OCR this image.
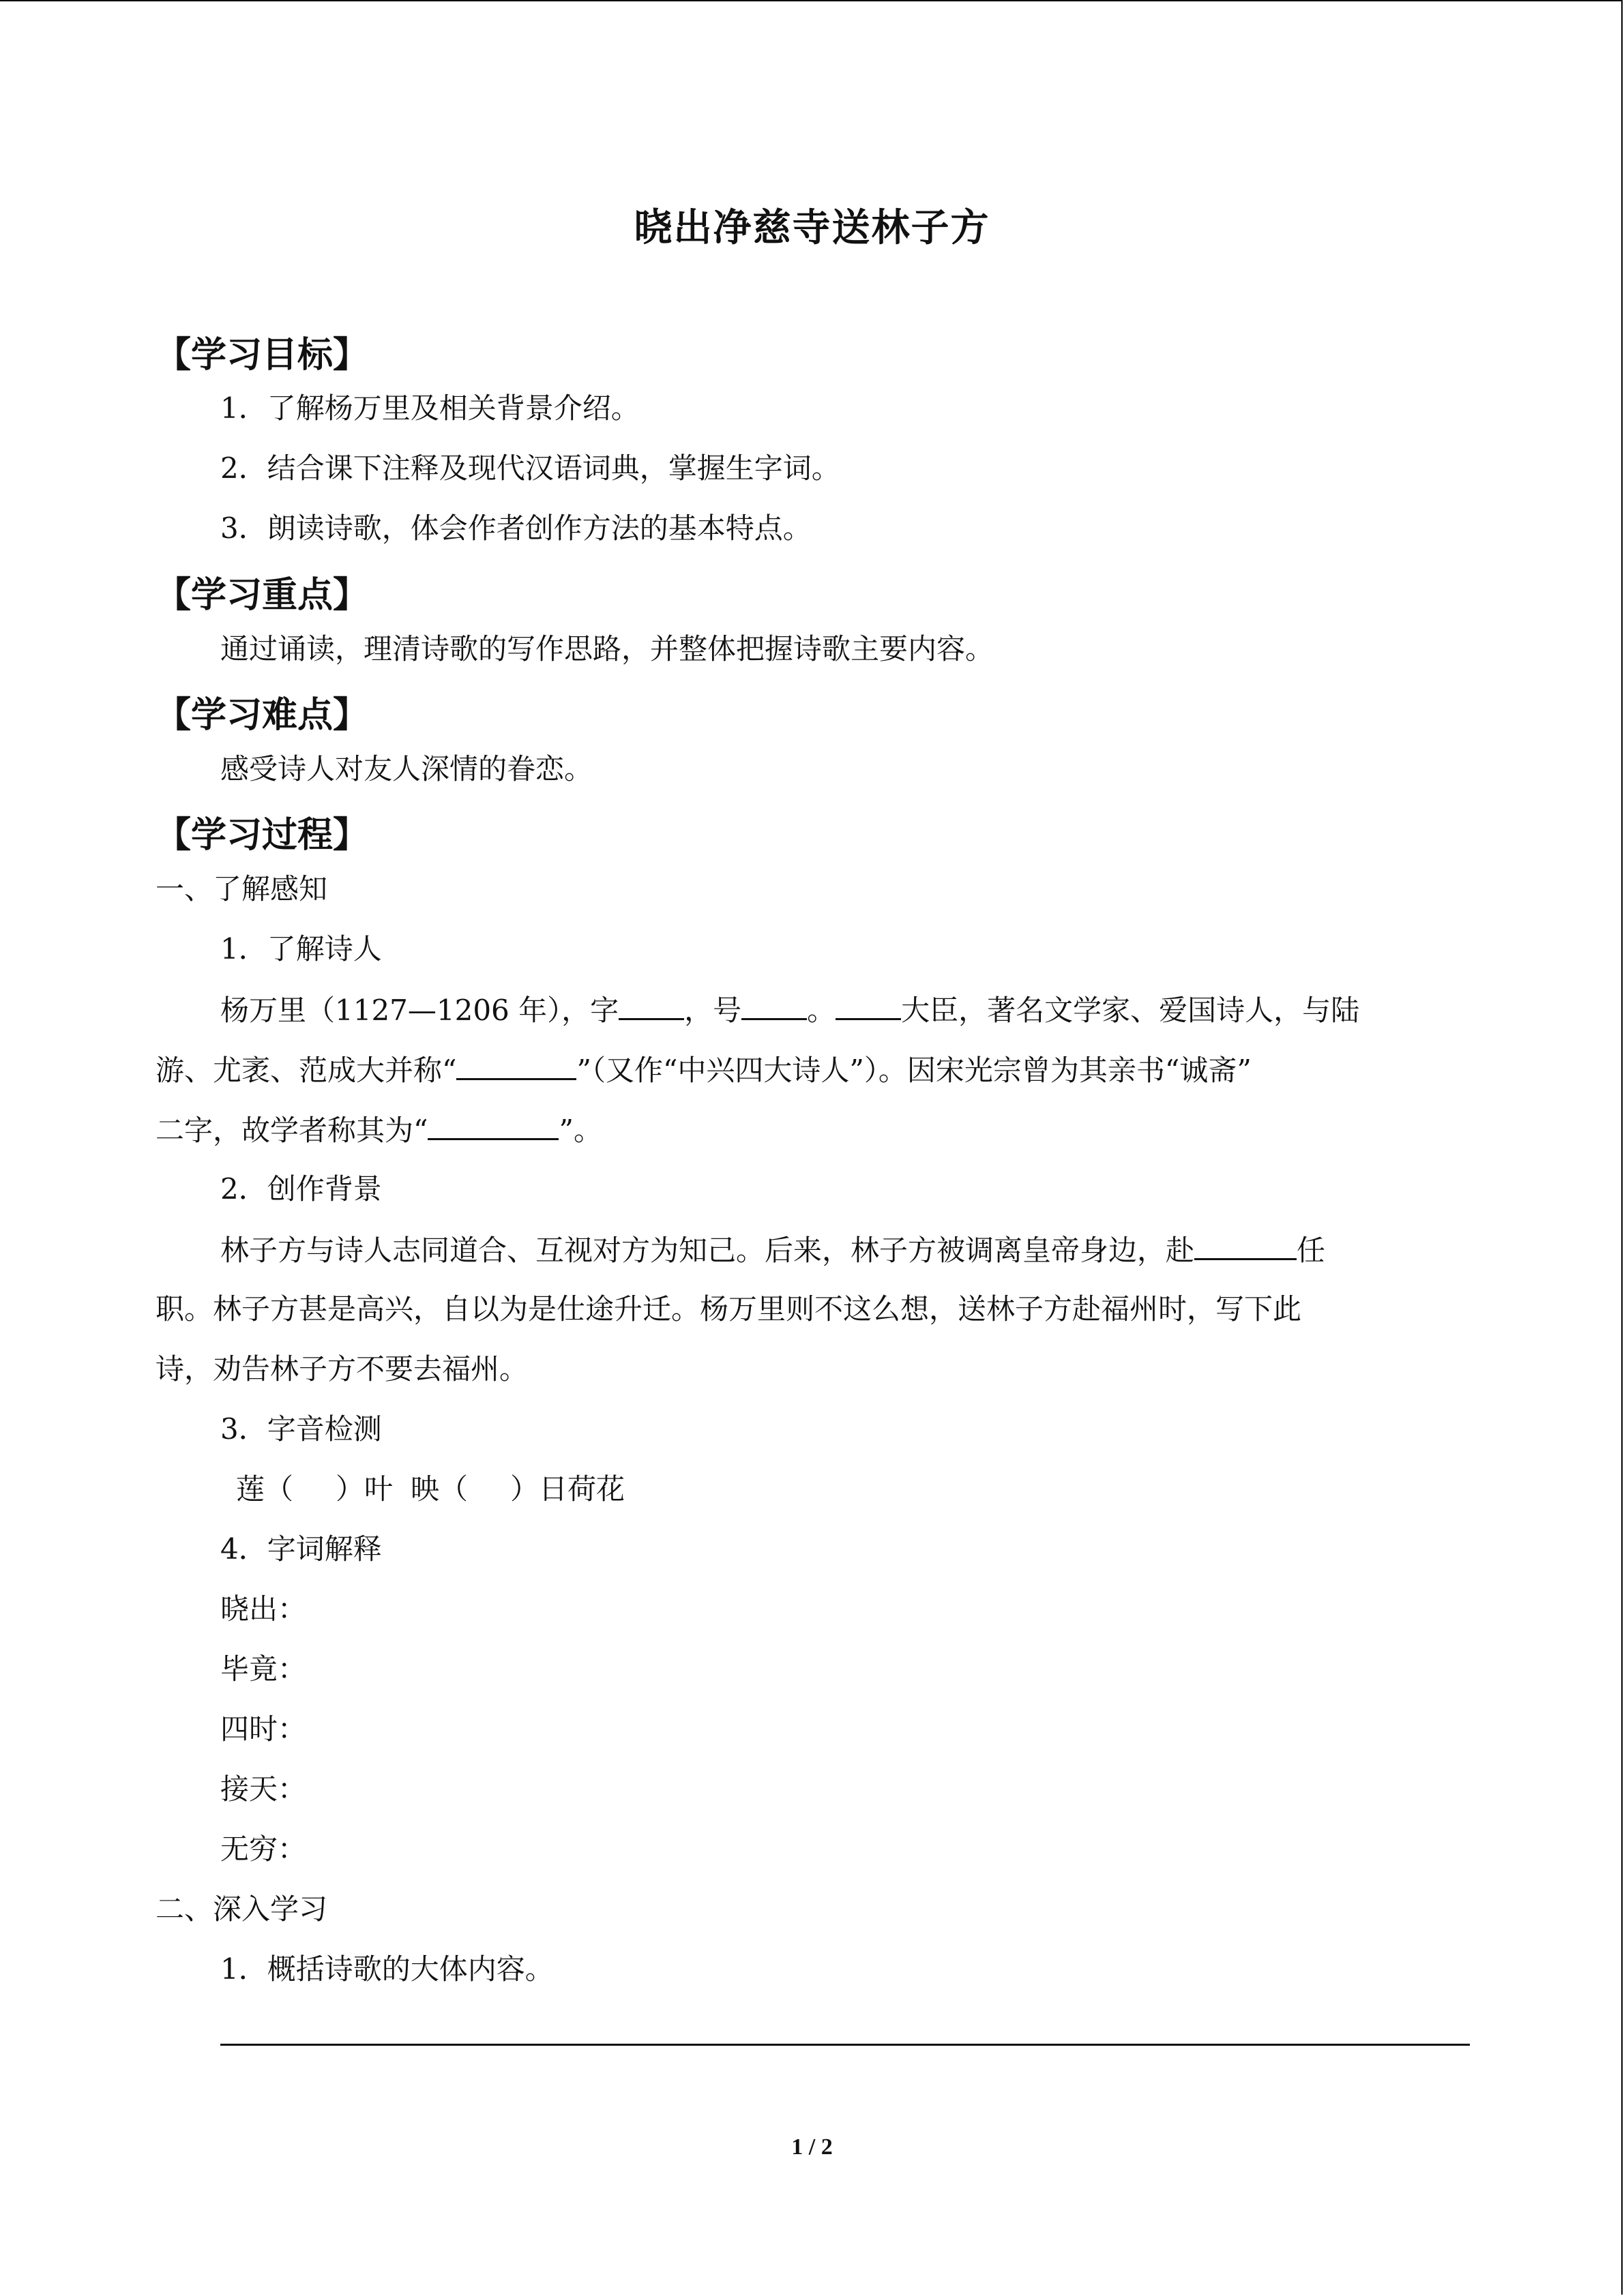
晓出净慈寺送林子方
【学习目标】
1．了解杨万里及相关背景介绍。
2．结合课下注释及现代汉语词典，掌握生字词。
3．朗读诗歌，体会作者创作方法的基本特点。
【学习重点】
通过诵读，理清诗歌的写作思路，并整体把握诗歌主要内容。
【学习难点】
感受诗人对友人深情的眷恋。
【学习过程】
一、了解感知
1．了解诗人
杨万里（1127—1206 年），字 ，号 。 大臣，著名文学家、爱国诗人，与陆
游、尤袤、范成大并称“	”（又作“中兴四大诗人”）。因宋光宗曾为其亲书“诚斋”
二字，故学者称其为“	”。
2．创作背景
林子方与诗人志同道合、互视对方为知己。后来，林子方被调离皇帝身边，赴	任
职。林子方甚是高兴，自以为是仕途升迁。杨万里则不这么想，送林子方赴福州时，写下此
诗，劝告林子方不要去福州。
3．字音检测
莲（ ）叶 映（ ）日荷花
4．字词解释
晓出：
毕竟：
四时：
接天：
无穷：
二、深入学习
1．概括诗歌的大体内容。
1 / 2
